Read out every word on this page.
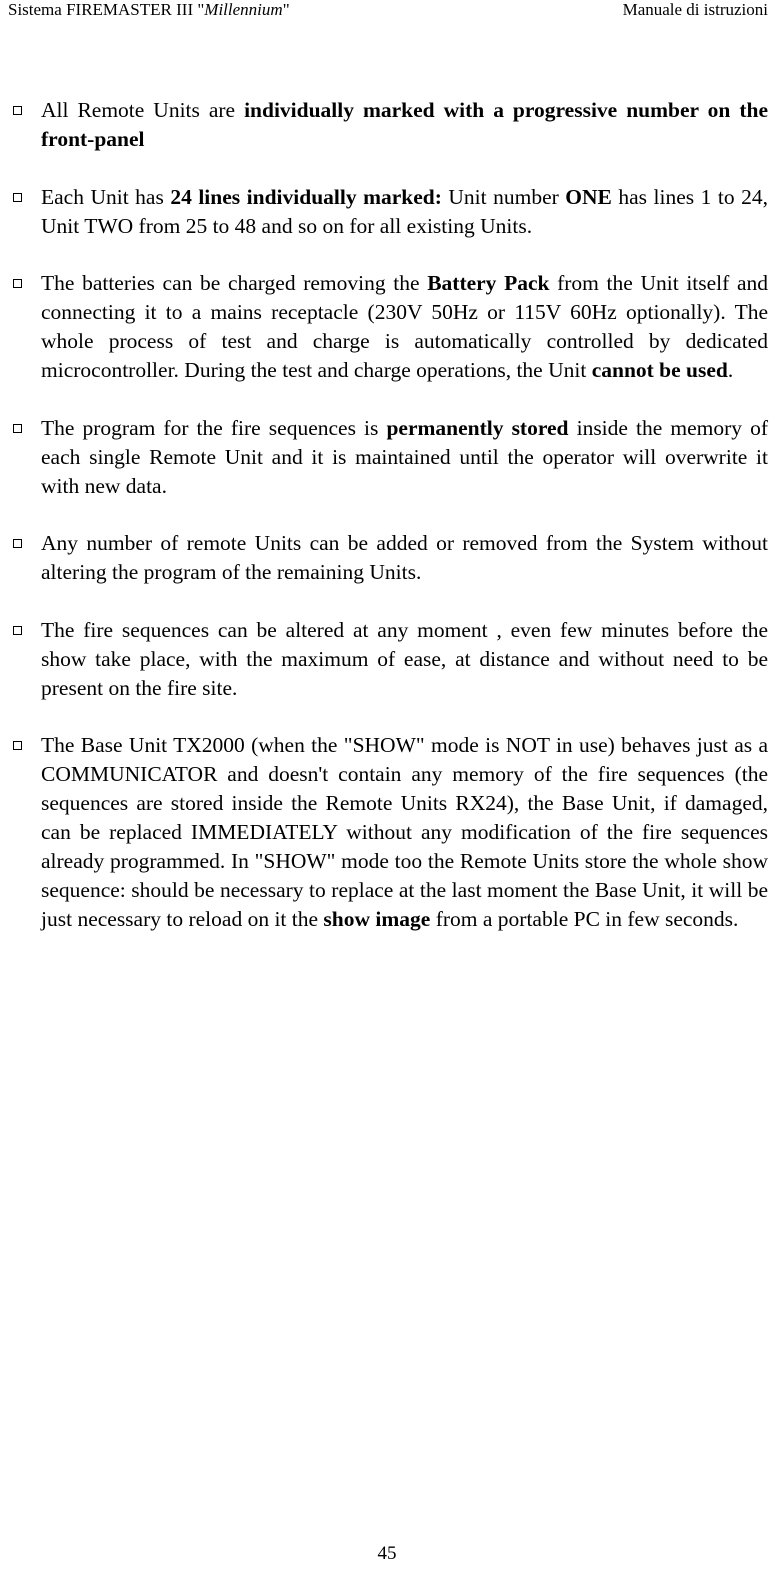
Sistema FIREMASTER III "Millennium"	Manuale di istruzioni
All Remote Units are individually marked with a progressive number on the front-panel
Each Unit has 24 lines individually marked: Unit number ONE has lines 1 to 24, Unit TWO from 25 to 48 and so on for all existing Units.
The batteries can be charged removing the Battery Pack from the Unit itself and connecting it to a mains receptacle (230V 50Hz or 115V 60Hz optionally). The whole process of test and charge is automatically controlled by dedicated microcontroller. During the test and charge operations, the Unit cannot be used.
The program for the fire sequences is permanently stored inside the memory of each single Remote Unit and it is maintained until the operator will overwrite it with new data.
Any number of remote Units can be added or removed from the System without altering the program of the remaining Units.
The fire sequences can be altered at any moment , even few minutes before the show take place, with the maximum of ease, at distance and without need to be present on the fire site.
The Base Unit TX2000 (when the "SHOW" mode is NOT in use) behaves just as a COMMUNICATOR and doesn't contain any memory of the fire sequences (the sequences are stored inside the Remote Units RX24), the Base Unit, if damaged, can be replaced IMMEDIATELY without any modification of the fire sequences already programmed. In "SHOW" mode too the Remote Units store the whole show sequence: should be necessary to replace at the last moment the Base Unit, it will be just necessary to reload on it the show image from a portable PC in few seconds.
45
